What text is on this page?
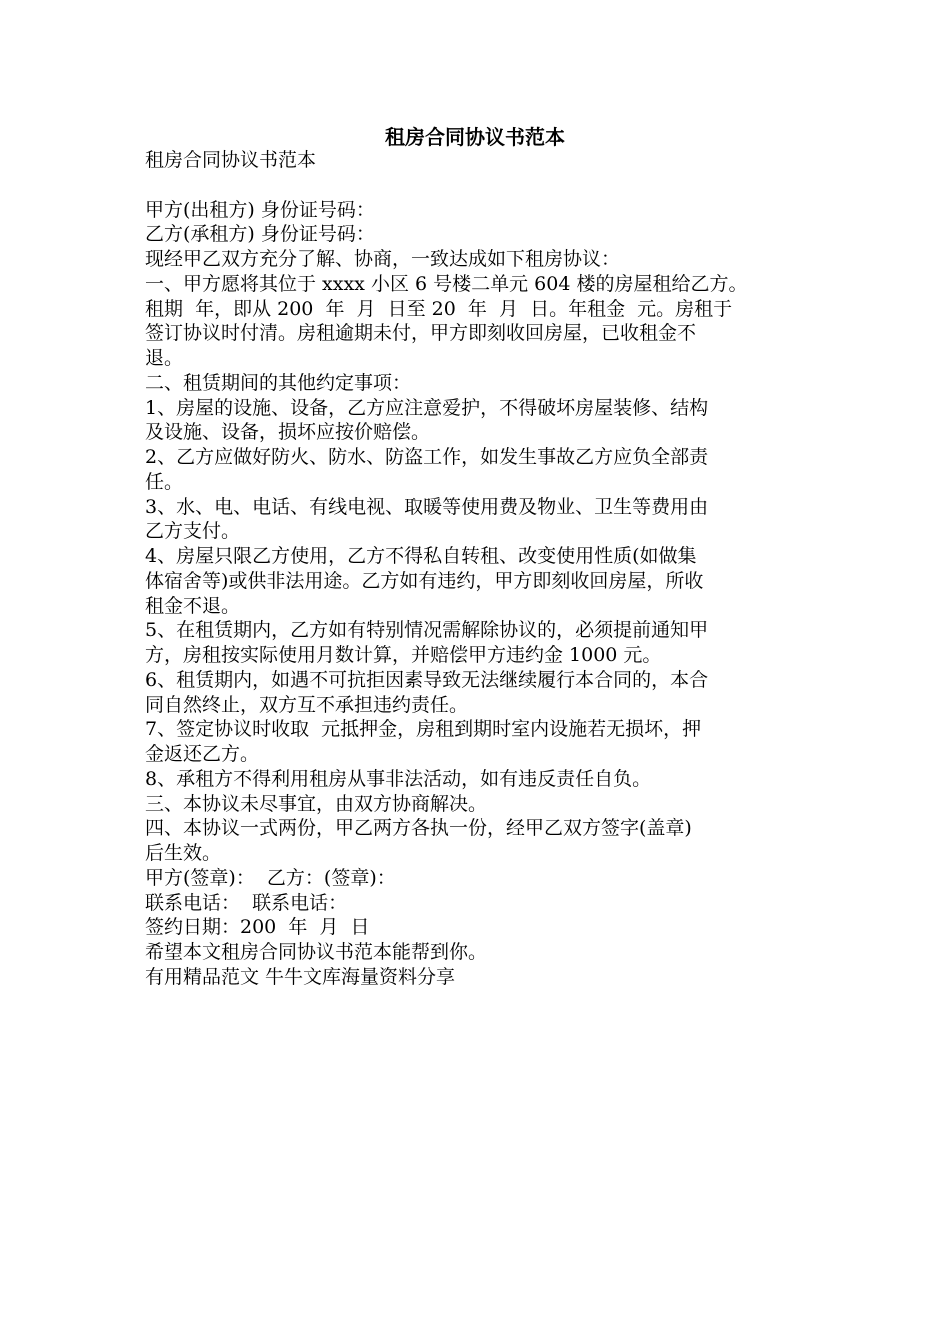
租房合同协议书范本
租房合同协议书范本
甲方(出租方) 身份证号码：
乙方(承租方) 身份证号码：
现经甲乙双方充分了解、协商，一致达成如下租房协议：
一、甲方愿将其位于 xxxx 小区 6 号楼二单元 604 楼的房屋租给乙方。
租期  年，即从 200  年  月  日至 20  年  月  日。年租金  元。房租于
签订协议时付清。房租逾期未付，甲方即刻收回房屋，已收租金不
退。
二、租赁期间的其他约定事项：
1、房屋的设施、设备，乙方应注意爱护，不得破坏房屋装修、结构
及设施、设备，损坏应按价赔偿。
2、乙方应做好防火、防水、防盗工作，如发生事故乙方应负全部责
任。
3、水、电、电话、有线电视、取暖等使用费及物业、卫生等费用由
乙方支付。
4、房屋只限乙方使用，乙方不得私自转租、改变使用性质(如做集
体宿舍等)或供非法用途。乙方如有违约，甲方即刻收回房屋，所收
租金不退。
5、在租赁期内，乙方如有特别情况需解除协议的，必须提前通知甲
方，房租按实际使用月数计算，并赔偿甲方违约金 1000 元。
6、租赁期内，如遇不可抗拒因素导致无法继续履行本合同的，本合
同自然终止，双方互不承担违约责任。
7、签定协议时收取  元抵押金，房租到期时室内设施若无损坏，押
金返还乙方。
8、承租方不得利用租房从事非法活动，如有违反责任自负。
三、本协议未尽事宜，由双方协商解决。
四、本协议一式两份，甲乙两方各执一份，经甲乙双方签字(盖章)
后生效。
甲方(签章)：  乙方：(签章)：
联系电话：  联系电话：
签约日期：200  年  月  日
希望本文租房合同协议书范本能帮到你。
有用精品范文 牛牛文库海量资料分享
